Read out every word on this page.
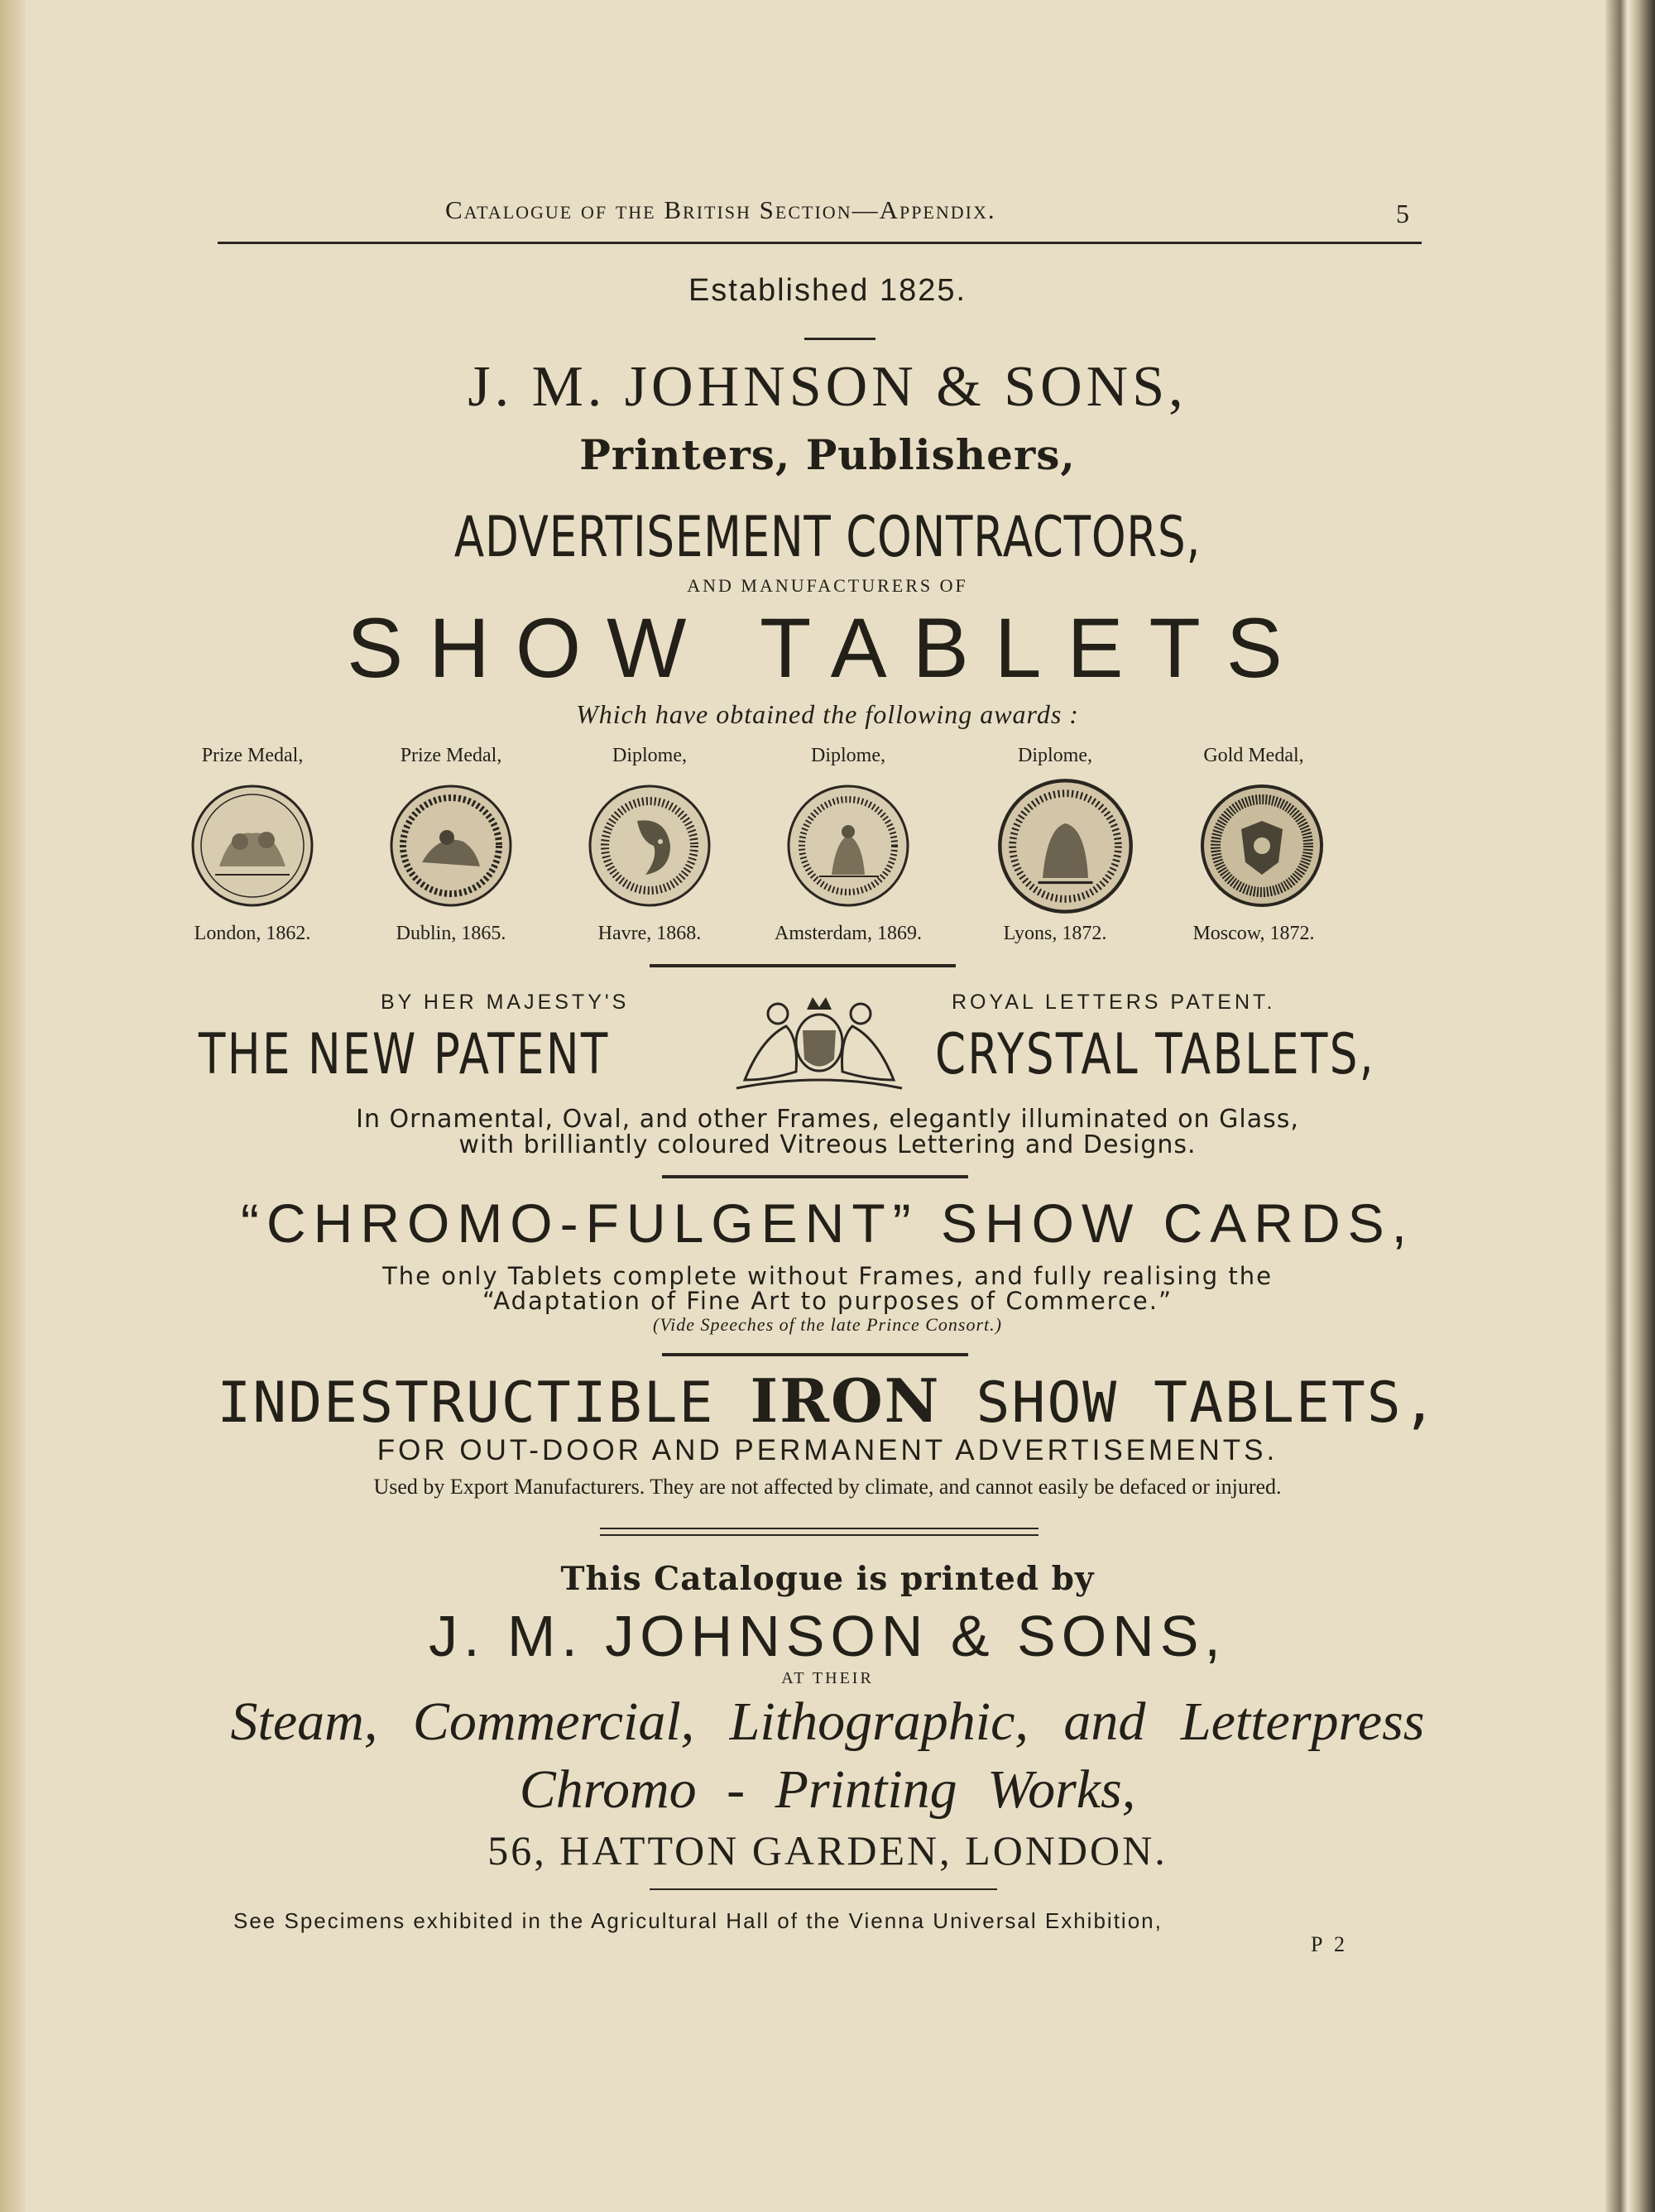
Catalogue of the British Section—Appendix.	5
Established 1825.
J. M. JOHNSON & SONS,
Printers, Publishers,
ADVERTISEMENT CONTRACTORS,
AND MANUFACTURERS OF
SHOW TABLETS
Which have obtained the following awards :
Prize Medal,	Prize Medal,	Diplome,	Diplome,	Diplome,	Gold Medal,
London, 1862.	Dublin, 1865.	Havre, 1868.	Amsterdam, 1869.	Lyons, 1872.	Moscow, 1872.
BY HER MAJESTY'S	ROYAL LETTERS PATENT.
THE NEW PATENT	CRYSTAL TABLETS,
In Ornamental, Oval, and other Frames, elegantly illuminated on Glass,
with brilliantly coloured Vitreous Lettering and Designs.
“CHROMO-FULGENT” SHOW CARDS,
The only Tablets complete without Frames, and fully realising the
“Adaptation of Fine Art to purposes of Commerce.”
(Vide Speeches of the late Prince Consort.)
INDESTRUCTIBLE IRON SHOW TABLETS,
FOR OUT-DOOR AND PERMANENT ADVERTISEMENTS.
Used by Export Manufacturers. They are not affected by climate, and cannot easily be defaced or injured.
This Catalogue is printed by
J. M. JOHNSON & SONS,
AT THEIR
Steam, Commercial, Lithographic, and Letterpress
Chromo - Printing Works,
56, HATTON GARDEN, LONDON.
See Specimens exhibited in the Agricultural Hall of the Vienna Universal Exhibition,
P 2
